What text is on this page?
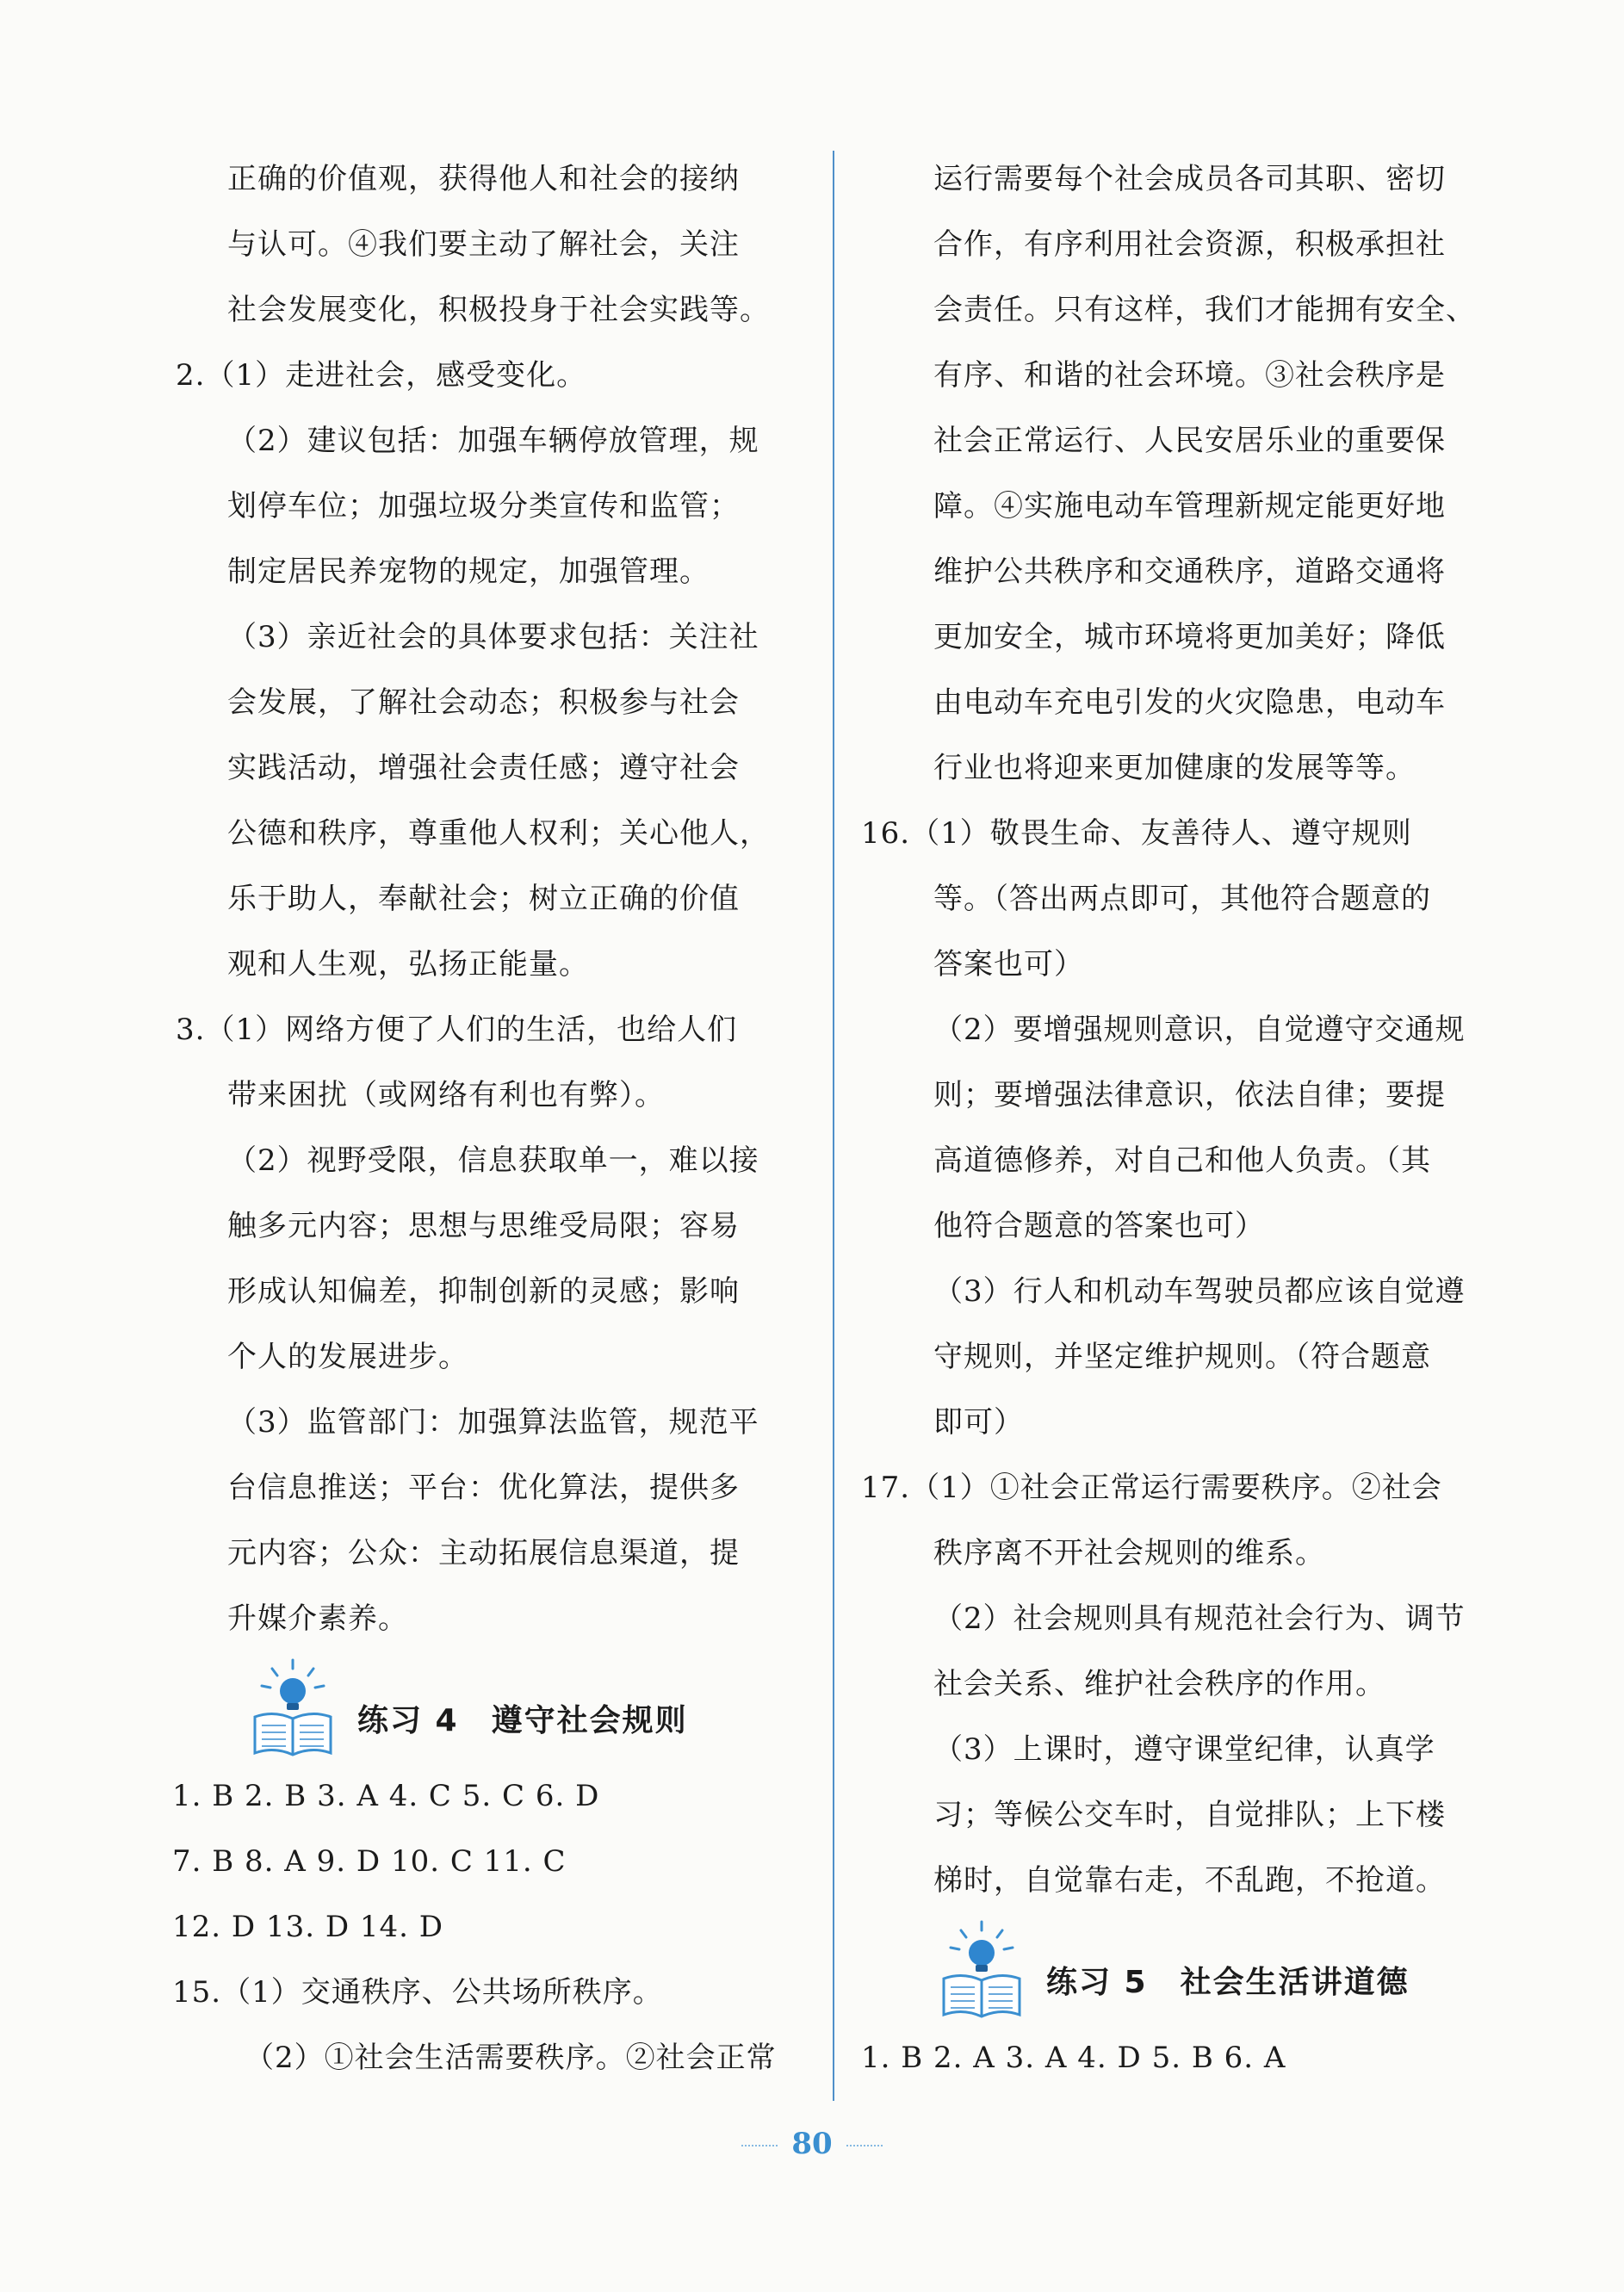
正确的价值观，获得他人和社会的接纳
与认可。④我们要主动了解社会，关注
社会发展变化，积极投身于社会实践等。
2.（1）走进社会，感受变化。
（2）建议包括：加强车辆停放管理，规
划停车位；加强垃圾分类宣传和监管；
制定居民养宠物的规定，加强管理。
（3）亲近社会的具体要求包括：关注社
会发展，了解社会动态；积极参与社会
实践活动，增强社会责任感；遵守社会
公德和秩序，尊重他人权利；关心他人，
乐于助人，奉献社会；树立正确的价值
观和人生观，弘扬正能量。
3.（1）网络方便了人们的生活，也给人们
带来困扰（或网络有利也有弊）。
（2）视野受限，信息获取单一，难以接
触多元内容；思想与思维受局限；容易
形成认知偏差，抑制创新的灵感；影响
个人的发展进步。
（3）监管部门：加强算法监管，规范平
台信息推送；平台：优化算法，提供多
元内容；公众：主动拓展信息渠道，提
升媒介素养。
练习 4 遵守社会规则
1. B 2. B 3. A 4. C 5. C 6. D
7. B 8. A 9. D 10. C 11. C
12. D 13. D 14. D
15.（1）交通秩序、公共场所秩序。
（2）①社会生活需要秩序。②社会正常
运行需要每个社会成员各司其职、密切
合作，有序利用社会资源，积极承担社
会责任。只有这样，我们才能拥有安全、
有序、和谐的社会环境。③社会秩序是
社会正常运行、人民安居乐业的重要保
障。④实施电动车管理新规定能更好地
维护公共秩序和交通秩序，道路交通将
更加安全，城市环境将更加美好；降低
由电动车充电引发的火灾隐患，电动车
行业也将迎来更加健康的发展等等。
16.（1）敬畏生命、友善待人、遵守规则
等。（答出两点即可，其他符合题意的
答案也可）
（2）要增强规则意识，自觉遵守交通规
则；要增强法律意识，依法自律；要提
高道德修养，对自己和他人负责。（其
他符合题意的答案也可）
（3）行人和机动车驾驶员都应该自觉遵
守规则，并坚定维护规则。（符合题意
即可）
17.（1）①社会正常运行需要秩序。②社会
秩序离不开社会规则的维系。
（2）社会规则具有规范社会行为、调节
社会关系、维护社会秩序的作用。
（3）上课时，遵守课堂纪律，认真学
习；等候公交车时，自觉排队；上下楼
梯时，自觉靠右走，不乱跑，不抢道。
练习 5 社会生活讲道德
1. B 2. A 3. A 4. D 5. B 6. A
80
